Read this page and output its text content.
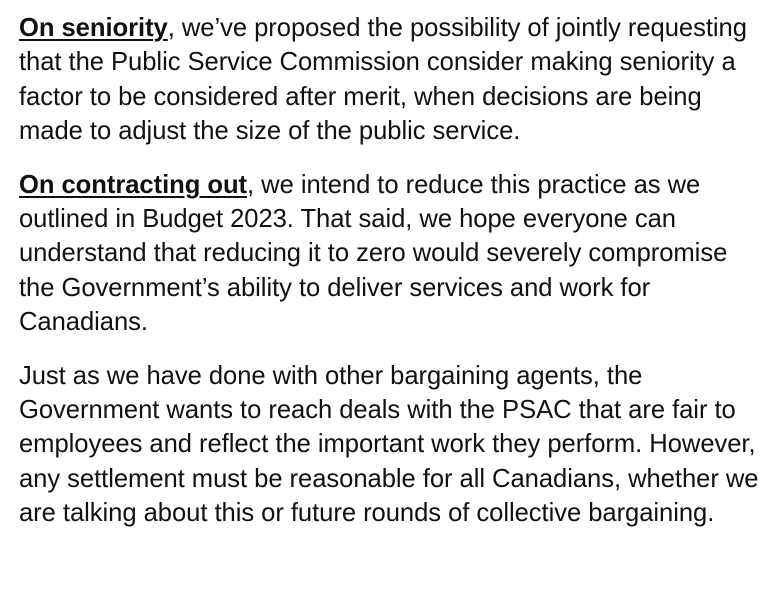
On seniority, we’ve proposed the possibility of jointly requesting that the Public Service Commission consider making seniority a factor to be considered after merit, when decisions are being made to adjust the size of the public service.

On contracting out, we intend to reduce this practice as we outlined in Budget 2023. That said, we hope everyone can understand that reducing it to zero would severely compromise the Government’s ability to deliver services and work for Canadians.

Just as we have done with other bargaining agents, the Government wants to reach deals with the PSAC that are fair to employees and reflect the important work they perform. However, any settlement must be reasonable for all Canadians, whether we are talking about this or future rounds of collective bargaining.
